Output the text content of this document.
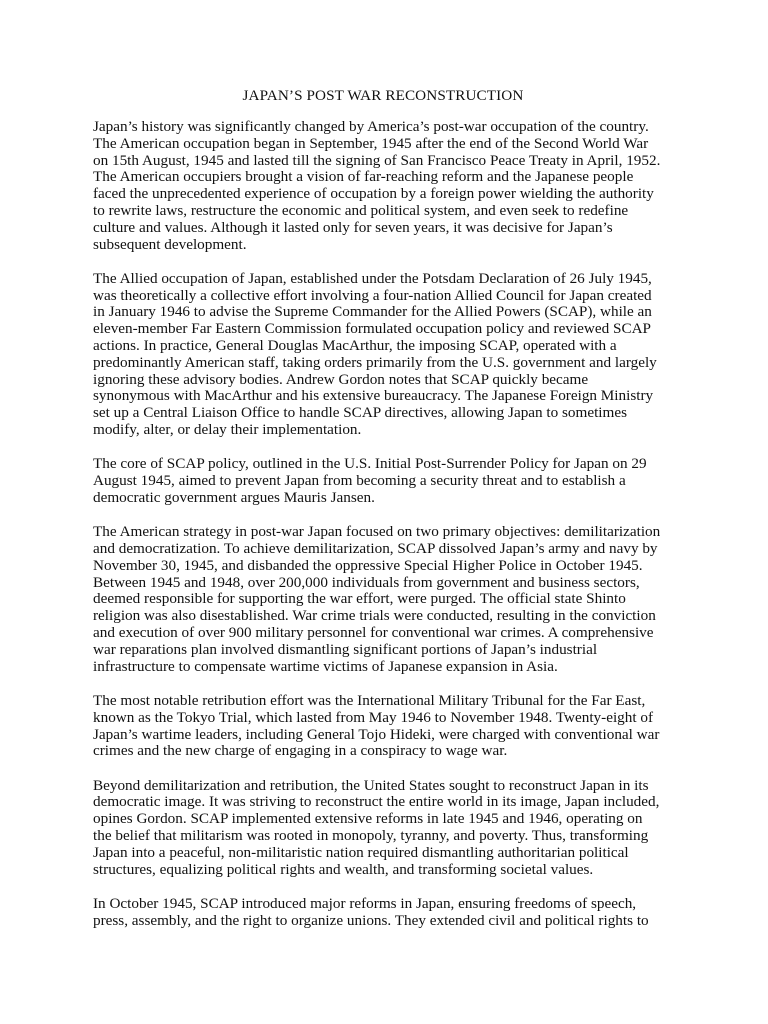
JAPAN’S POST WAR RECONSTRUCTION
Japan’s history was significantly changed by America’s post-war occupation of the country.
The American occupation began in September, 1945 after the end of the Second World War
on 15th August, 1945 and lasted till the signing of San Francisco Peace Treaty in April, 1952.
The American occupiers brought a vision of far-reaching reform and the Japanese people
faced the unprecedented experience of occupation by a foreign power wielding the authority
to rewrite laws, restructure the economic and political system, and even seek to redefine
culture and values. Although it lasted only for seven years, it was decisive for Japan’s
subsequent development.
The Allied occupation of Japan, established under the Potsdam Declaration of 26 July 1945,
was theoretically a collective effort involving a four-nation Allied Council for Japan created
in January 1946 to advise the Supreme Commander for the Allied Powers (SCAP), while an
eleven-member Far Eastern Commission formulated occupation policy and reviewed SCAP
actions. In practice, General Douglas MacArthur, the imposing SCAP, operated with a
predominantly American staff, taking orders primarily from the U.S. government and largely
ignoring these advisory bodies. Andrew Gordon notes that SCAP quickly became
synonymous with MacArthur and his extensive bureaucracy. The Japanese Foreign Ministry
set up a Central Liaison Office to handle SCAP directives, allowing Japan to sometimes
modify, alter, or delay their implementation.
The core of SCAP policy, outlined in the U.S. Initial Post-Surrender Policy for Japan on 29
August 1945, aimed to prevent Japan from becoming a security threat and to establish a
democratic government argues Mauris Jansen.
The American strategy in post-war Japan focused on two primary objectives: demilitarization
and democratization. To achieve demilitarization, SCAP dissolved Japan’s army and navy by
November 30, 1945, and disbanded the oppressive Special Higher Police in October 1945.
Between 1945 and 1948, over 200,000 individuals from government and business sectors,
deemed responsible for supporting the war effort, were purged. The official state Shinto
religion was also disestablished. War crime trials were conducted, resulting in the conviction
and execution of over 900 military personnel for conventional war crimes. A comprehensive
war reparations plan involved dismantling significant portions of Japan’s industrial
infrastructure to compensate wartime victims of Japanese expansion in Asia.
The most notable retribution effort was the International Military Tribunal for the Far East,
known as the Tokyo Trial, which lasted from May 1946 to November 1948. Twenty-eight of
Japan’s wartime leaders, including General Tojo Hideki, were charged with conventional war
crimes and the new charge of engaging in a conspiracy to wage war.
Beyond demilitarization and retribution, the United States sought to reconstruct Japan in its
democratic image. It was striving to reconstruct the entire world in its image, Japan included,
opines Gordon. SCAP implemented extensive reforms in late 1945 and 1946, operating on
the belief that militarism was rooted in monopoly, tyranny, and poverty. Thus, transforming
Japan into a peaceful, non-militaristic nation required dismantling authoritarian political
structures, equalizing political rights and wealth, and transforming societal values.
In October 1945, SCAP introduced major reforms in Japan, ensuring freedoms of speech,
press, assembly, and the right to organize unions. They extended civil and political rights to
